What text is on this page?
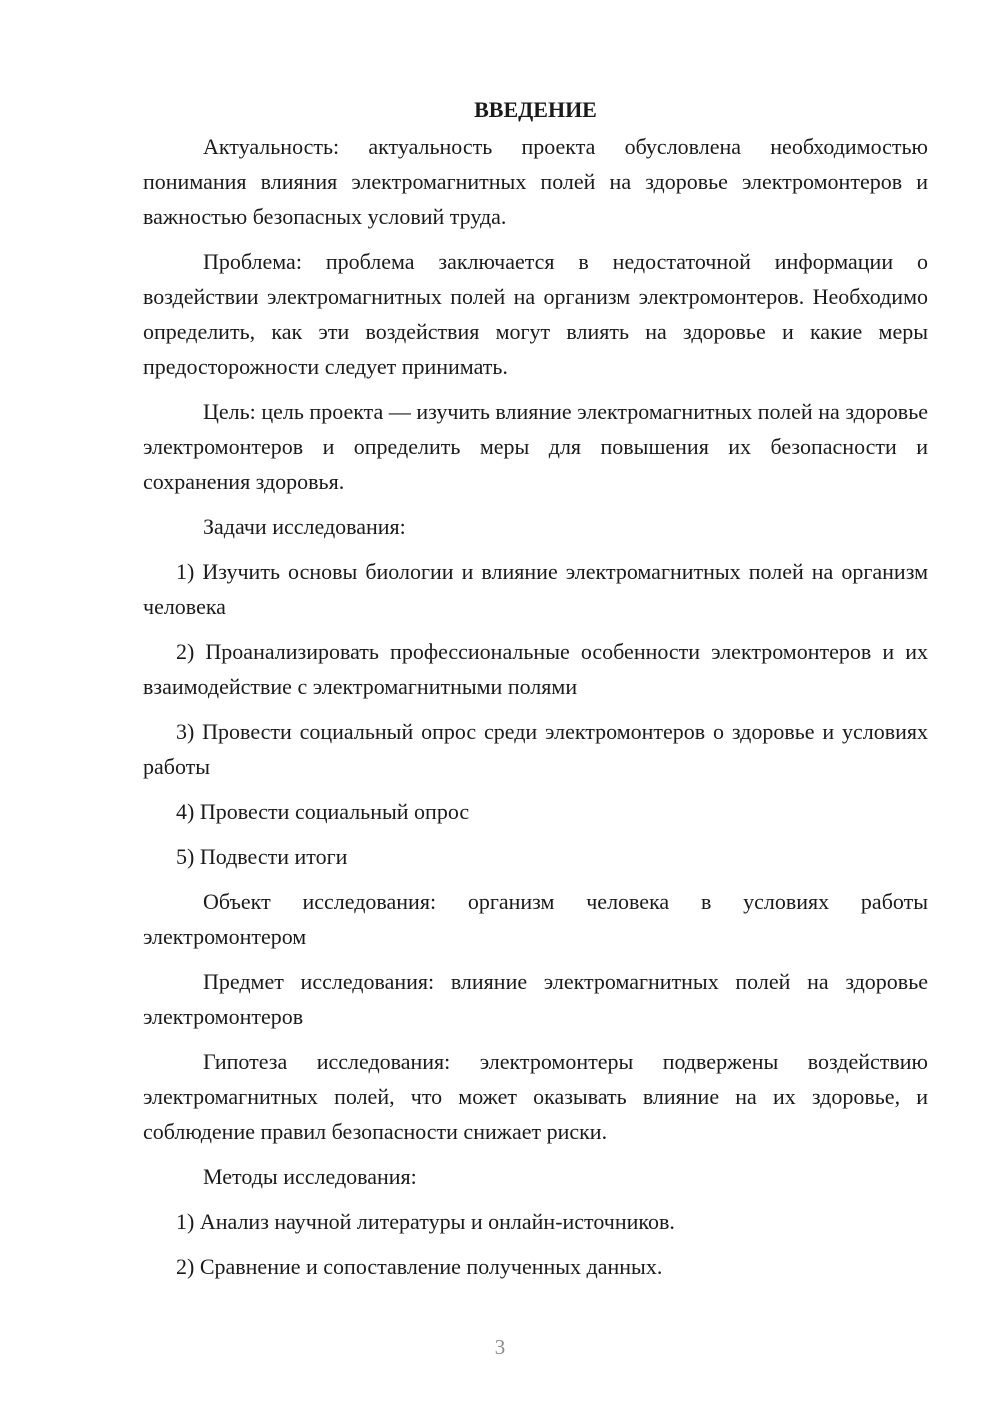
ВВЕДЕНИЕ

Актуальность: актуальность проекта обусловлена необходимостью понимания влияния электромагнитных полей на здоровье электромонтеров и важностью безопасных условий труда.

Проблема: проблема заключается в недостаточной информации о воздействии электромагнитных полей на организм электромонтеров. Необходимо определить, как эти воздействия могут влиять на здоровье и какие меры предосторожности следует принимать.

Цель: цель проекта — изучить влияние электромагнитных полей на здоровье электромонтеров и определить меры для повышения их безопасности и сохранения здоровья.

Задачи исследования:

1) Изучить основы биологии и влияние электромагнитных полей на организм человека

2) Проанализировать профессиональные особенности электромонтеров и их взаимодействие с электромагнитными полями

3) Провести социальный опрос среди электромонтеров о здоровье и условиях работы

4) Провести социальный опрос

5) Подвести итоги

Объект исследования: организм человека в условиях работы электромонтером

Предмет исследования: влияние электромагнитных полей на здоровье электромонтеров

Гипотеза исследования: электромонтеры подвержены воздействию электромагнитных полей, что может оказывать влияние на их здоровье, и соблюдение правил безопасности снижает риски.

Методы исследования:

1) Анализ научной литературы и онлайн-источников.

2) Сравнение и сопоставление полученных данных.

3
